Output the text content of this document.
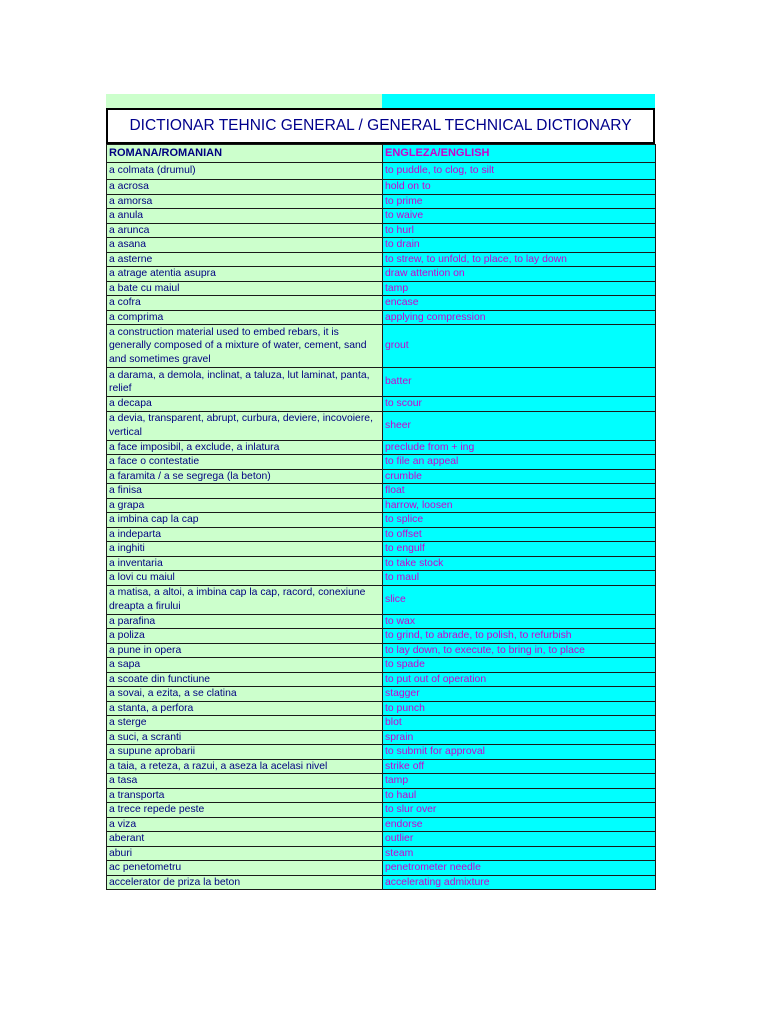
DICTIONAR TEHNIC GENERAL / GENERAL TECHNICAL DICTIONARY
ROMANA/ROMANIAN	ENGLEZA/ENGLISH
a colmata (drumul)	to puddle, to clog, to silt
a acrosa	hold on to
a amorsa	to prime
a anula	to waive
a arunca	to hurl
a asana	to drain
a asterne	to strew, to unfold, to place, to lay down
a atrage atentia asupra	draw attention on
a bate cu maiul	tamp
a cofra	encase
a comprima	applying compression
a construction material used to embed rebars, it is generally composed of a mixture of water, cement, sand and sometimes gravel	grout
a darama, a demola, inclinat, a taluza, lut laminat, panta, relief	batter
a decapa	to scour
a devia, transparent, abrupt, curbura, deviere, incovoiere, vertical	sheer
a face imposibil, a exclude, a inlatura	preclude from + ing
a face o contestatie	to file an appeal
a faramita / a se segrega (la beton)	crumble
a finisa	float
a grapa	harrow, loosen
a imbina cap la cap	to splice
a indeparta	to offset
a inghiti	to engulf
a inventaria	to take stock
a lovi cu maiul	to maul
a matisa, a altoi, a imbina cap la cap, racord, conexiune dreapta a firului	slice
a parafina	to wax
a poliza	to grind, to abrade, to polish, to refurbish
a pune in opera	to lay down, to execute, to bring in, to place
a sapa	to spade
a scoate din functiune	to put out of operation
a sovai, a ezita, a se clatina	stagger
a stanta, a perfora	to punch
a sterge	blot
a suci, a scranti	sprain
a supune aprobarii	to submit for approval
a taia, a reteza, a razui, a aseza la acelasi nivel	strike off
a tasa	tamp
a transporta	to haul
a trece repede peste	to slur over
a viza	endorse
aberant	outlier
aburi	steam
ac penetometru	penetrometer needle
accelerator de priza la beton	accelerating admixture
